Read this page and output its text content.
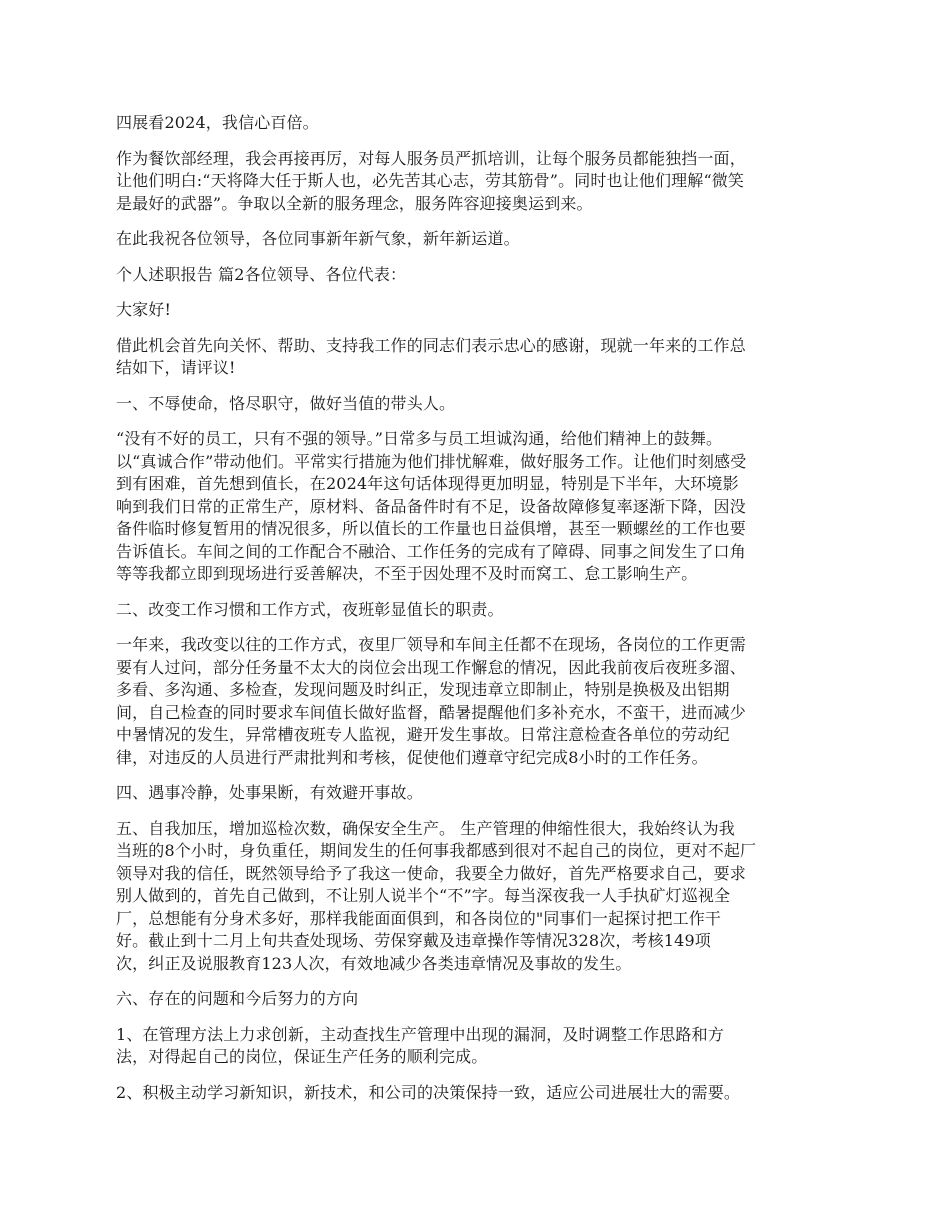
四展看2024，我信心百倍。

作为餐饮部经理，我会再接再厉，对每人服务员严抓培训，让每个服务员都能独挡一面，
让他们明白:“天将降大任于斯人也，必先苦其心志，劳其筋骨”。同时也让他们理解“微笑
是最好的武器”。争取以全新的服务理念，服务阵容迎接奥运到来。

在此我祝各位领导，各位同事新年新气象，新年新运道。

个人述职报告 篇2各位领导、各位代表：

大家好!

借此机会首先向关怀、帮助、支持我工作的同志们表示忠心的感谢，现就一年来的工作总
结如下，请评议!

一、不辱使命，恪尽职守，做好当值的带头人。

“没有不好的员工，只有不强的领导。”日常多与员工坦诚沟通，给他们精神上的鼓舞。
以“真诚合作”带动他们。平常实行措施为他们排忧解难，做好服务工作。让他们时刻感受
到有困难，首先想到值长，在2024年这句话体现得更加明显，特别是下半年，大环境影
响到我们日常的正常生产，原材料、备品备件时有不足，设备故障修复率逐渐下降，因没
备件临时修复暂用的情况很多，所以值长的工作量也日益俱增，甚至一颗螺丝的工作也要
告诉值长。车间之间的工作配合不融洽、工作任务的完成有了障碍、同事之间发生了口角
等等我都立即到现场进行妥善解决，不至于因处理不及时而窝工、怠工影响生产。

二、改变工作习惯和工作方式，夜班彰显值长的职责。

一年来，我改变以往的工作方式，夜里厂领导和车间主任都不在现场，各岗位的工作更需
要有人过问，部分任务量不太大的岗位会出现工作懈怠的情况，因此我前夜后夜班多溜、
多看、多沟通、多检查，发现问题及时纠正，发现违章立即制止，特别是换极及出铝期
间，自己检查的同时要求车间值长做好监督，酷暑提醒他们多补充水，不蛮干，进而减少
中暑情况的发生，异常槽夜班专人监视，避开发生事故。日常注意检查各单位的劳动纪
律，对违反的人员进行严肃批判和考核，促使他们遵章守纪完成8小时的工作任务。

四、遇事冷静，处事果断，有效避开事故。

五、自我加压，增加巡检次数，确保安全生产。 生产管理的伸缩性很大，我始终认为我
当班的8个小时，身负重任，期间发生的任何事我都感到很对不起自己的岗位，更对不起厂
领导对我的信任，既然领导给予了我这一使命，我要全力做好，首先严格要求自己，要求
别人做到的，首先自己做到，不让别人说半个“不”字。每当深夜我一人手执矿灯巡视全
厂，总想能有分身术多好，那样我能面面俱到，和各岗位的"同事们一起探讨把工作干
好。截止到十二月上旬共查处现场、劳保穿戴及违章操作等情况328次，考核149项
次，纠正及说服教育123人次，有效地减少各类违章情况及事故的发生。

六、存在的问题和今后努力的方向

1、在管理方法上力求创新，主动查找生产管理中出现的漏洞，及时调整工作思路和方
法，对得起自己的岗位，保证生产任务的顺利完成。

2、积极主动学习新知识，新技术，和公司的决策保持一致，适应公司进展壮大的需要。
